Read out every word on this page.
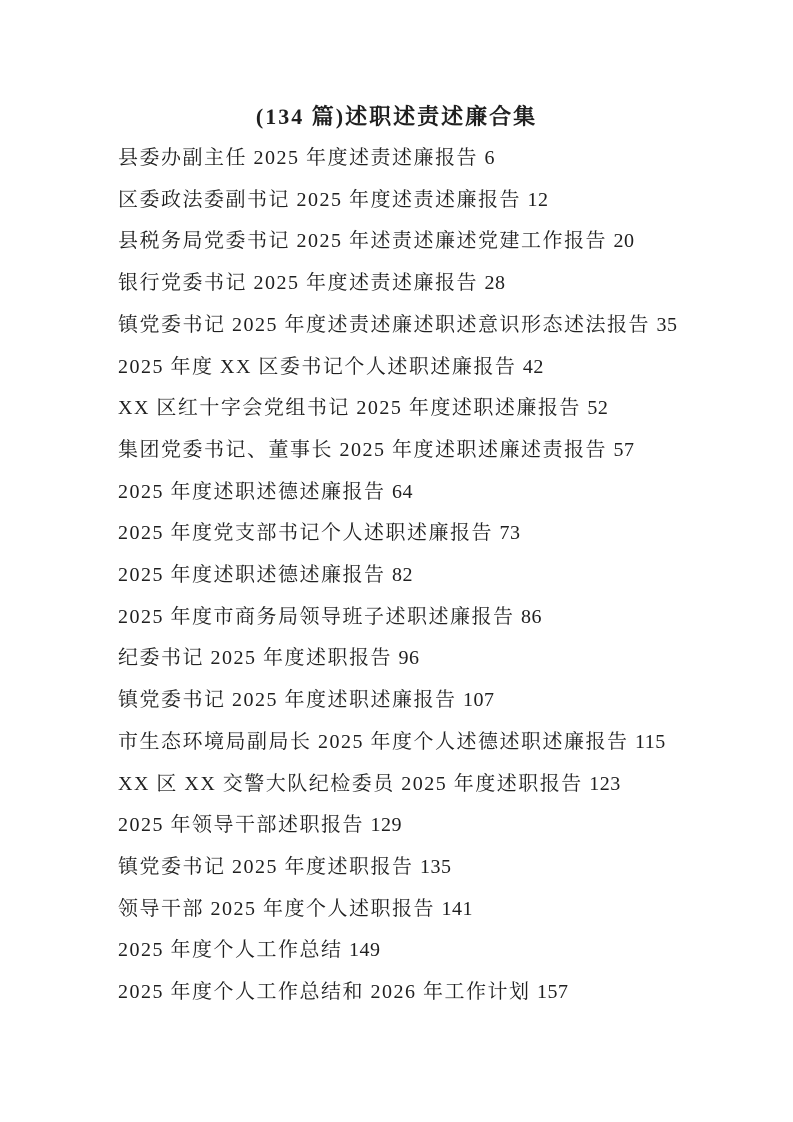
(134 篇)述职述责述廉合集

县委办副主任 2025 年度述责述廉报告 6

区委政法委副书记 2025 年度述责述廉报告 12

县税务局党委书记 2025 年述责述廉述党建工作报告 20

银行党委书记 2025 年度述责述廉报告 28

镇党委书记 2025 年度述责述廉述职述意识形态述法报告 35

2025 年度 XX 区委书记个人述职述廉报告 42

XX 区红十字会党组书记 2025 年度述职述廉报告 52

集团党委书记、董事长 2025 年度述职述廉述责报告 57

2025 年度述职述德述廉报告 64

2025 年度党支部书记个人述职述廉报告 73

2025 年度述职述德述廉报告 82

2025 年度市商务局领导班子述职述廉报告 86

纪委书记 2025 年度述职报告 96

镇党委书记 2025 年度述职述廉报告 107

市生态环境局副局长 2025 年度个人述德述职述廉报告 115

XX 区 XX 交警大队纪检委员 2025 年度述职报告 123

2025 年领导干部述职报告 129

镇党委书记 2025 年度述职报告 135

领导干部 2025 年度个人述职报告 141

2025 年度个人工作总结 149

2025 年度个人工作总结和 2026 年工作计划 157
